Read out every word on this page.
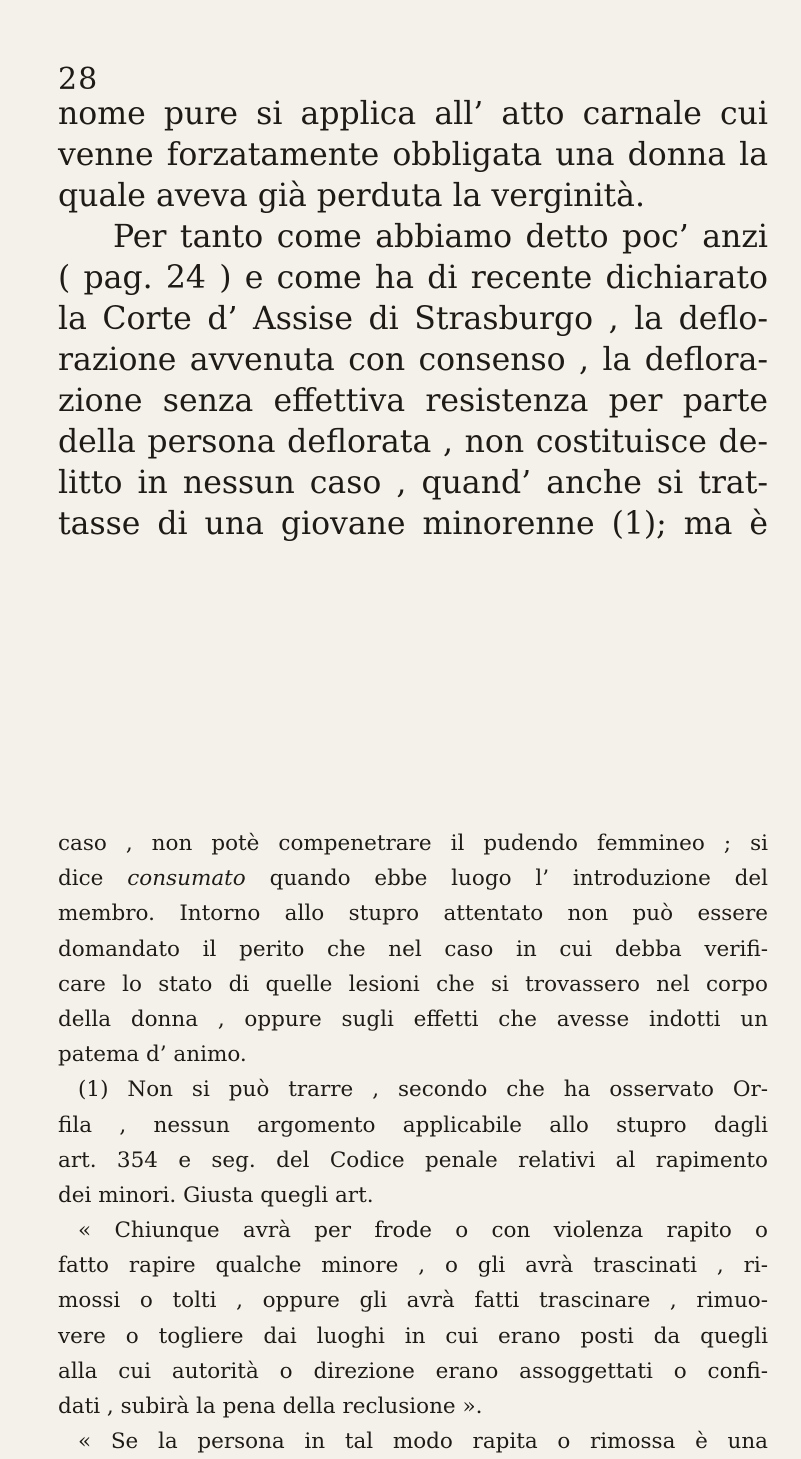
28
nome pure si applica all’ atto carnale cui
venne forzatamente obbligata una donna la
quale aveva già perduta la verginità.
Per tanto come abbiamo detto poc’ anzi
( pag. 24 ) e come ha di recente dichiarato
la Corte d’ Assise di Strasburgo , la deflo-
razione avvenuta con consenso , la deflora-
zione senza effettiva resistenza per parte
della persona deflorata , non costituisce de-
litto in nessun caso , quand’ anche si trat-
tasse di una giovane minorenne (1); ma è
caso , non potè compenetrare il pudendo femmineo ; si
dice consumato quando ebbe luogo l’ introduzione del
membro. Intorno allo stupro attentato non può essere
domandato il perito che nel caso in cui debba verifi-
care lo stato di quelle lesioni che si trovassero nel corpo
della donna , oppure sugli effetti che avesse indotti un
patema d’ animo.
(1) Non si può trarre , secondo che ha osservato Or-
fila , nessun argomento applicabile allo stupro dagli
art. 354 e seg. del Codice penale relativi al rapimento
dei minori. Giusta quegli art.
« Chiunque avrà per frode o con violenza rapito o
fatto rapire qualche minore , o gli avrà trascinati , ri-
mossi o tolti , oppure gli avrà fatti trascinare , rimuo-
vere o togliere dai luoghi in cui erano posti da quegli
alla cui autorità o direzione erano assoggettati o confi-
dati , subirà la pena della reclusione ».
« Se la persona in tal modo rapita o rimossa è una
